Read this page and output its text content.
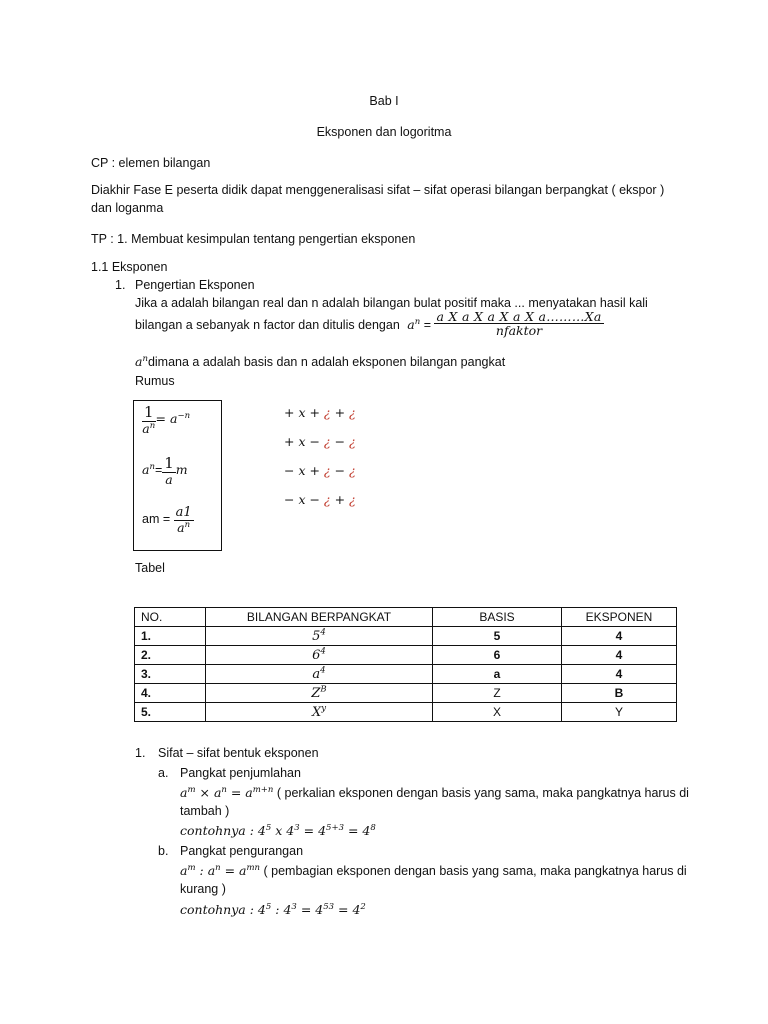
Bab I
Eksponen dan logoritma
CP : elemen bilangan
Diakhir Fase E peserta didik dapat menggeneralisasi sifat – sifat operasi bilangan berpangkat ( ekspor )
dan loganma
TP : 1. Membuat kesimpulan tentang pengertian eksponen
1.1 Eksponen
1. Pengertian Eksponen
Jika a adalah bilangan real dan n adalah bilangan bulat positif maka ... menyatakan hasil kali
bilangan a sebanyak n factor dan ditulis dengan $a^n = \frac{\text{a X a X a X a X a………Xa}}{\text{nfaktor}}$
$a^ndimana$ a adalah basis dan n adalah eksponen bilangan pangkat
Rumus
$\frac{1}{a^n} = a^{-n}$
$a^n= \frac{1}{a}$ m
am = $\frac{a1}{a^n}$
+ x + ¿ + ¿
+ x − ¿ − ¿
− x + ¿ − ¿
− x − ¿ + ¿
Tabel
NO.	BILANGAN BERPANGKAT	BASIS	EKSPONEN
1.	$5^4$	5	4
2.	$6^4$	6	4
3.	$a^4$	a	4
4.	$Z^B$	Z	B
5.	$X^y$	X	Y
1. Sifat – sifat bentuk eksponen
a. Pangkat penjumlahan
$a^m \times a^n = a^{m+n}$ ( perkalian eksponen dengan basis yang sama, maka pangkatnya harus di
tambah )
contohnya : $4^5$ x $4^3 = 4^{5+3} = 4^8$
b. Pangkat pengurangan
$a^m$ : $a^n = a^{mn}$ ( pembagian eksponen dengan basis yang sama, maka pangkatnya harus di
kurang )
contohnya : $4^5$ : $4^3 = 4^{53} = 4^2$
